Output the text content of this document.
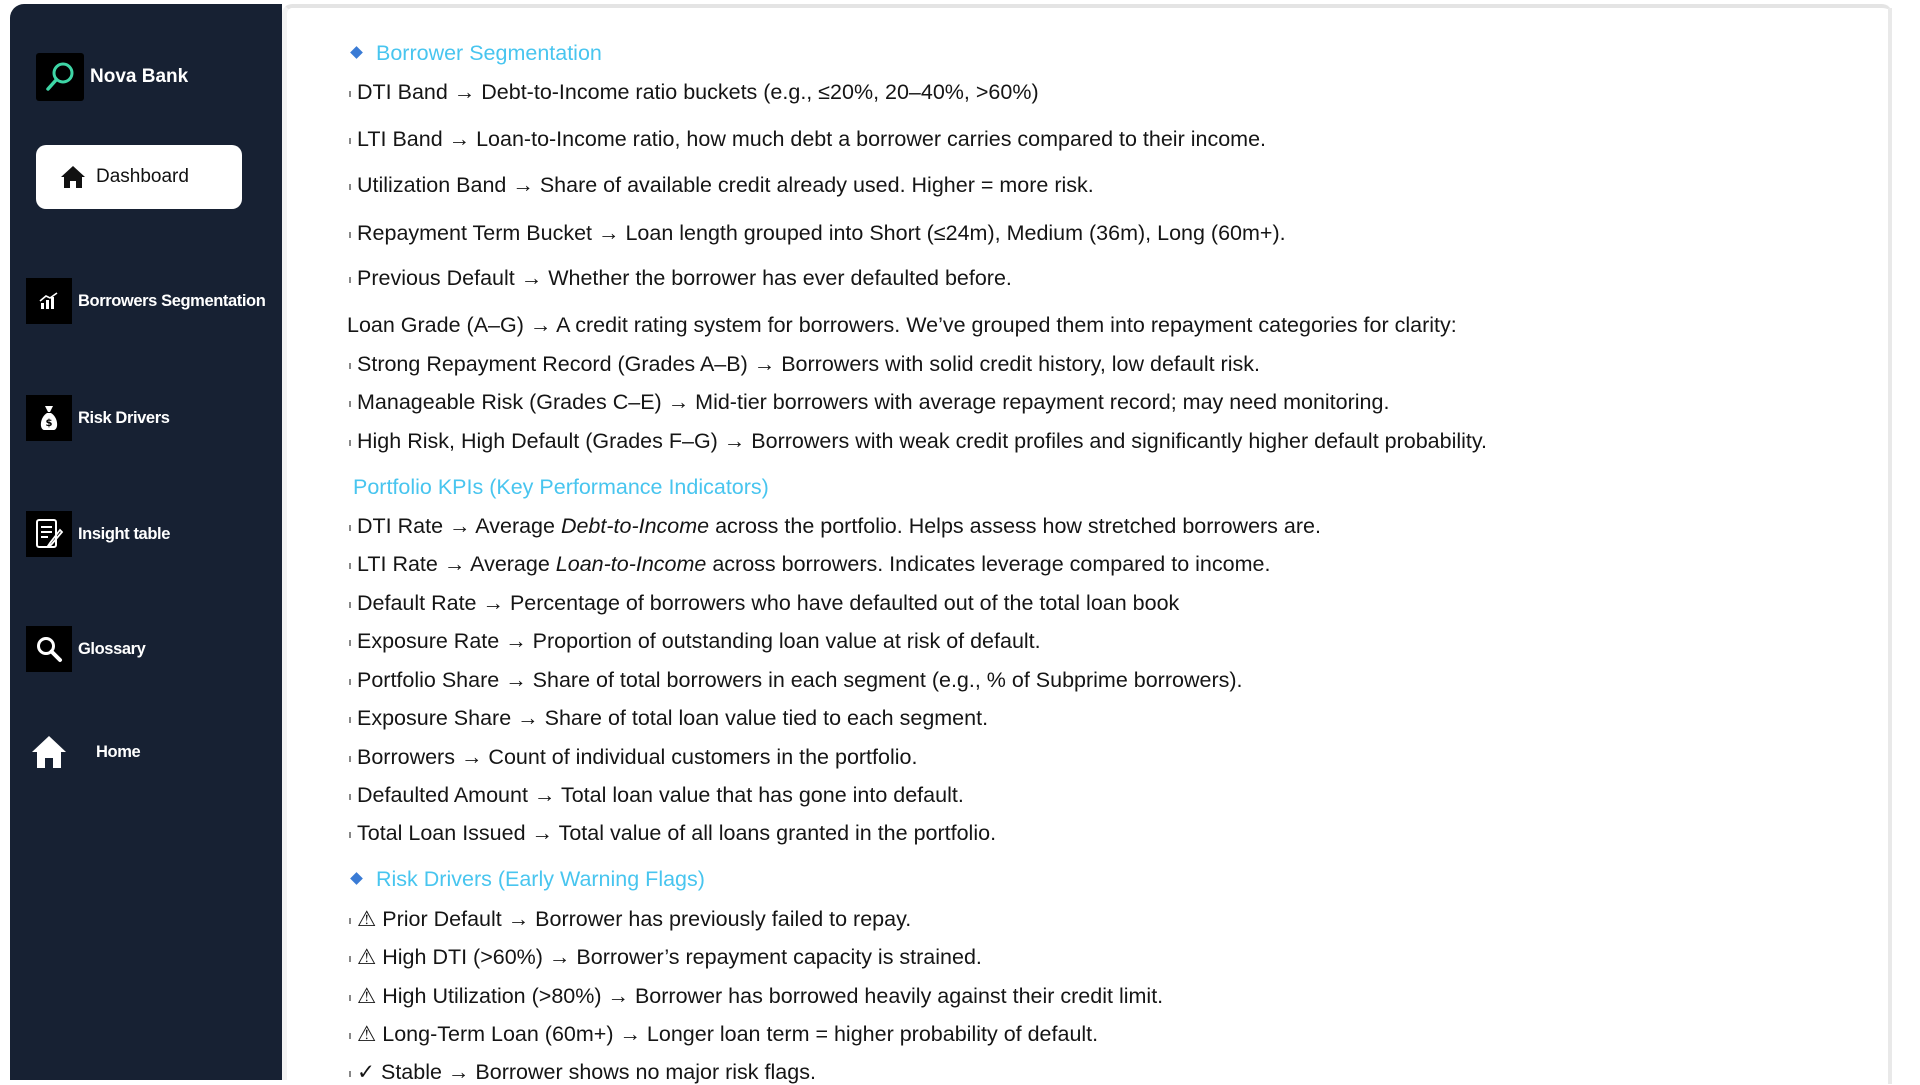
Nova Bank
Dashboard
Borrowers Segmentation
$ Risk Drivers
Insight table
Glossary
Home
Borrower Segmentation
DTI Band → Debt-to-Income ratio buckets (e.g., ≤20%, 20–40%, >60%)
LTI Band → Loan-to-Income ratio, how much debt a borrower carries compared to their income.
Utilization Band → Share of available credit already used. Higher = more risk.
Repayment Term Bucket → Loan length grouped into Short (≤24m), Medium (36m), Long (60m+).
Previous Default → Whether the borrower has ever defaulted before.
Loan Grade (A–G) → A credit rating system for borrowers. We’ve grouped them into repayment categories for clarity:
Strong Repayment Record (Grades A–B) → Borrowers with solid credit history, low default risk.
Manageable Risk (Grades C–E) → Mid-tier borrowers with average repayment record; may need monitoring.
High Risk, High Default (Grades F–G) → Borrowers with weak credit profiles and significantly higher default probability.
Portfolio KPIs (Key Performance Indicators)
DTI Rate → Average Debt-to-Income across the portfolio. Helps assess how stretched borrowers are.
LTI Rate → Average Loan-to-Income across borrowers. Indicates leverage compared to income.
Default Rate → Percentage of borrowers who have defaulted out of the total loan book
Exposure Rate → Proportion of outstanding loan value at risk of default.
Portfolio Share → Share of total borrowers in each segment (e.g., % of Subprime borrowers).
Exposure Share → Share of total loan value tied to each segment.
Borrowers → Count of individual customers in the portfolio.
Defaulted Amount → Total loan value that has gone into default.
Total Loan Issued → Total value of all loans granted in the portfolio.
Risk Drivers (Early Warning Flags)
⚠ Prior Default → Borrower has previously failed to repay.
⚠ High DTI (>60%) → Borrower’s repayment capacity is strained.
⚠ High Utilization (>80%) → Borrower has borrowed heavily against their credit limit.
⚠ Long-Term Loan (60m+) → Longer loan term = higher probability of default.
✓ Stable → Borrower shows no major risk flags.
